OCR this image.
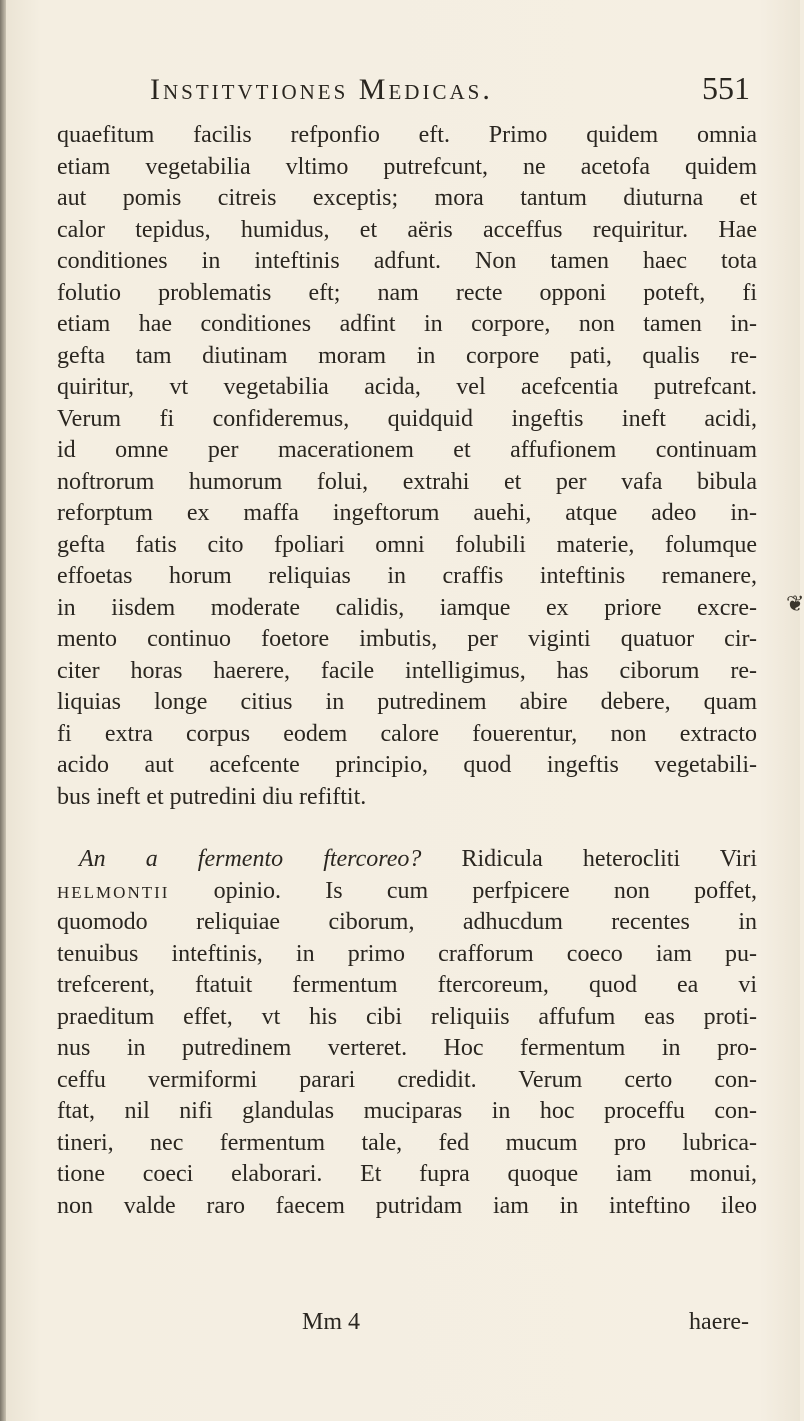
Institvtiones Medicas.	551
quaefitum facilis refponfio eft. Primo quidem omnia
etiam vegetabilia vltimo putrefcunt, ne acetofa quidem
aut pomis citreis exceptis; mora tantum diuturna et
calor tepidus, humidus, et aëris acceffus requiritur. Hae
conditiones in inteftinis adfunt. Non tamen haec tota
folutio problematis eft; nam recte opponi poteft, fi
etiam hae conditiones adfint in corpore, non tamen in-
gefta tam diutinam moram in corpore pati, qualis re-
quiritur, vt vegetabilia acida, vel acefcentia putrefcant.
Verum fi confideremus, quidquid ingeftis ineft acidi,
id omne per macerationem et affufionem continuam
noftrorum humorum folui, extrahi et per vafa bibula
reforptum ex maffa ingeftorum auehi, atque adeo in-
gefta fatis cito fpoliari omni folubili materie, folumque
effoetas horum reliquias in craffis inteftinis remanere,
in iisdem moderate calidis, iamque ex priore excre-
mento continuo foetore imbutis, per viginti quatuor cir-
citer horas haerere, facile intelligimus, has ciborum re-
liquias longe citius in putredinem abire debere, quam
fi extra corpus eodem calore fouerentur, non extracto
acido aut acefcente principio, quod ingeftis vegetabili-
bus ineft et putredini diu refiftit.
An a fermento ftercoreo? Ridicula heterocliti Viri
helmontii opinio. Is cum perfpicere non poffet,
quomodo reliquiae ciborum, adhucdum recentes in
tenuibus inteftinis, in primo crafforum coeco iam pu-
trefcerent, ftatuit fermentum ftercoreum, quod ea vi
praeditum effet, vt his cibi reliquiis affufum eas proti-
nus in putredinem verteret. Hoc fermentum in pro-
ceffu vermiformi parari credidit. Verum certo con-
ftat, nil nifi glandulas muciparas in hoc proceffu con-
tineri, nec fermentum tale, fed mucum pro lubrica-
tione coeci elaborari. Et fupra quoque iam monui,
non valde raro faecem putridam iam in inteftino ileo
Mm 4	haere-
❦
